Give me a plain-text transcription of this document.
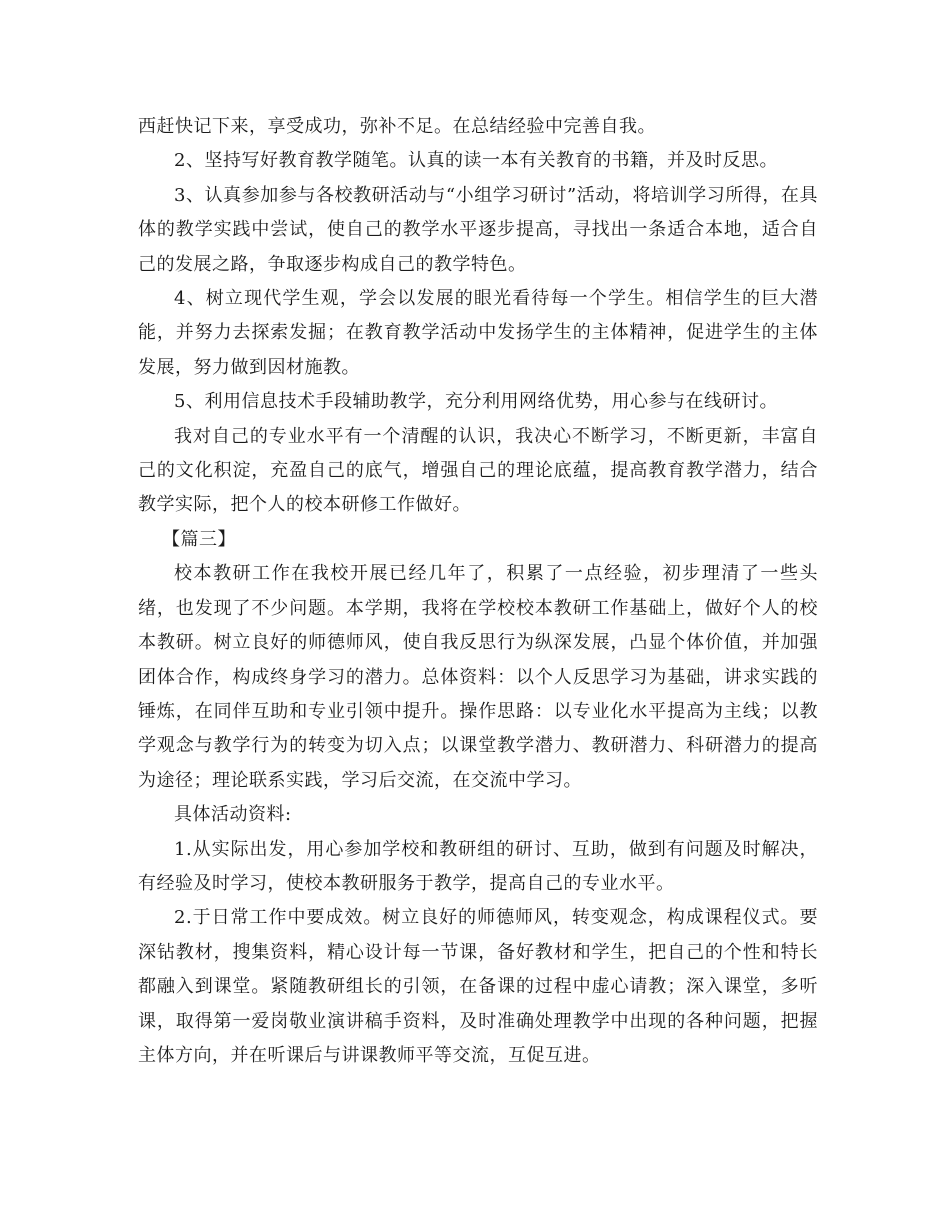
西赶快记下来，享受成功，弥补不足。在总结经验中完善自我。

2、坚持写好教育教学随笔。认真的读一本有关教育的书籍，并及时反思。

3、认真参加参与各校教研活动与“小组学习研讨”活动，将培训学习所得，在具体的教学实践中尝试，使自己的教学水平逐步提高，寻找出一条适合本地，适合自己的发展之路，争取逐步构成自己的教学特色。

4、树立现代学生观，学会以发展的眼光看待每一个学生。相信学生的巨大潜能，并努力去探索发掘；在教育教学活动中发扬学生的主体精神，促进学生的主体发展，努力做到因材施教。

5、利用信息技术手段辅助教学，充分利用网络优势，用心参与在线研讨。

我对自己的专业水平有一个清醒的认识，我决心不断学习，不断更新，丰富自己的文化积淀，充盈自己的底气，增强自己的理论底蕴，提高教育教学潜力，结合教学实际，把个人的校本研修工作做好。

【篇三】

校本教研工作在我校开展已经几年了，积累了一点经验，初步理清了一些头绪，也发现了不少问题。本学期，我将在学校校本教研工作基础上，做好个人的校本教研。树立良好的师德师风，使自我反思行为纵深发展，凸显个体价值，并加强团体合作，构成终身学习的潜力。总体资料：以个人反思学习为基础，讲求实践的锤炼，在同伴互助和专业引领中提升。操作思路：以专业化水平提高为主线；以教学观念与教学行为的转变为切入点；以课堂教学潜力、教研潜力、科研潜力的提高为途径；理论联系实践，学习后交流，在交流中学习。

具体活动资料:

1.从实际出发，用心参加学校和教研组的研讨、互助，做到有问题及时解决，有经验及时学习，使校本教研服务于教学，提高自己的专业水平。

2.于日常工作中要成效。树立良好的师德师风，转变观念，构成课程仪式。要深钻教材，搜集资料，精心设计每一节课，备好教材和学生，把自己的个性和特长都融入到课堂。紧随教研组长的引领，在备课的过程中虚心请教；深入课堂，多听课，取得第一爱岗敬业演讲稿手资料，及时准确处理教学中出现的各种问题，把握主体方向，并在听课后与讲课教师平等交流，互促互进。
